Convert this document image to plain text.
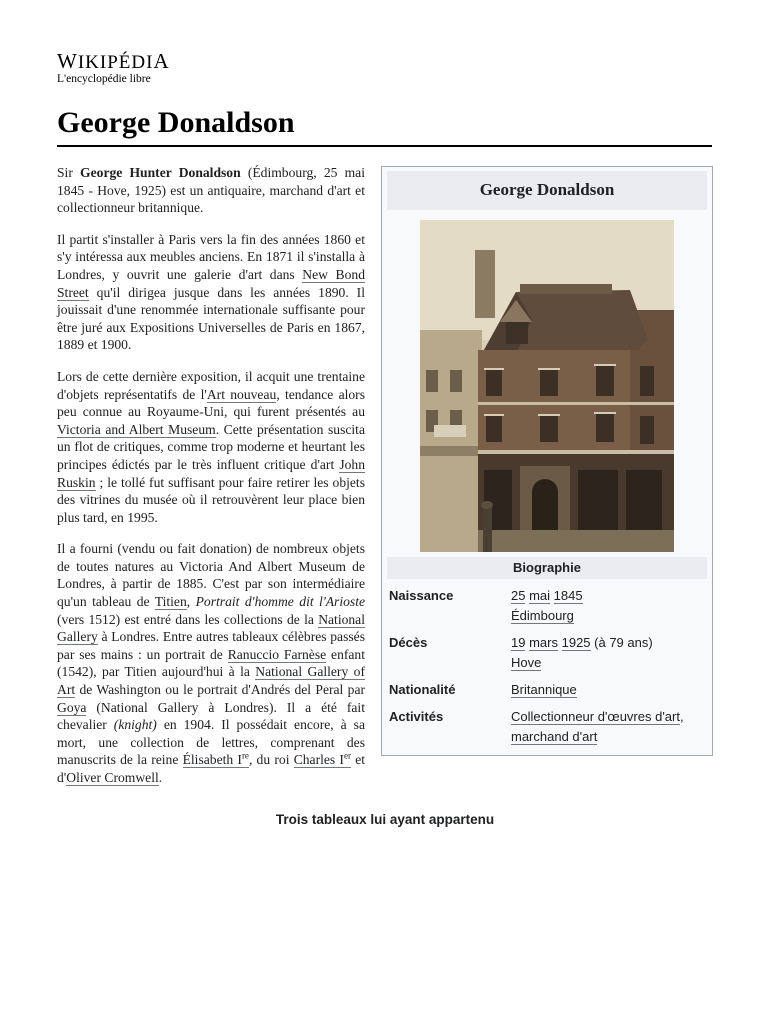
WIKIPÉDIA
L'encyclopédie libre
George Donaldson
George Donaldson
Biographie
Naissance	25 mai 1845
Édimbourg
Décès	19 mars 1925 (à 79 ans)
Hove
Nationalité	Britannique
Activités	Collectionneur d'œuvres d'art,
marchand d'art

Sir George Hunter Donaldson (Édimbourg, 25 mai 1845 - Hove, 1925) est un antiquaire, marchand d'art et collectionneur britannique.

Il partit s'installer à Paris vers la fin des années 1860 et s'y intéressa aux meubles anciens. En 1871 il s'installa à Londres, y ouvrit une galerie d'art dans New Bond Street qu'il dirigea jusque dans les années 1890. Il jouissait d'une renommée internationale suffisante pour être juré aux Expositions Universelles de Paris en 1867, 1889 et 1900.

Lors de cette dernière exposition, il acquit une trentaine d'objets représentatifs de l'Art nouveau, tendance alors peu connue au Royaume-Uni, qui furent présentés au Victoria and Albert Museum. Cette présentation suscita un flot de critiques, comme trop moderne et heurtant les principes édictés par le très influent critique d'art John Ruskin ; le tollé fut suffisant pour faire retirer les objets des vitrines du musée où il retrouvèrent leur place bien plus tard, en 1995.

Il a fourni (vendu ou fait donation) de nombreux objets de toutes natures au Victoria And Albert Museum de Londres, à partir de 1885. C'est par son intermédiaire qu'un tableau de Titien, Portrait d'homme dit l'Arioste (vers 1512) est entré dans les collections de la National Gallery à Londres. Entre autres tableaux célèbres passés par ses mains : un portrait de Ranuccio Farnèse enfant (1542), par Titien aujourd'hui à la National Gallery of Art de Washington ou le portrait d'Andrés del Peral par Goya (National Gallery à Londres). Il a été fait chevalier (knight) en 1904. Il possédait encore, à sa mort, une collection de lettres, comprenant des manuscrits de la reine Élisabeth Ire, du roi Charles Ier et d'Oliver Cromwell.

Trois tableaux lui ayant appartenu
